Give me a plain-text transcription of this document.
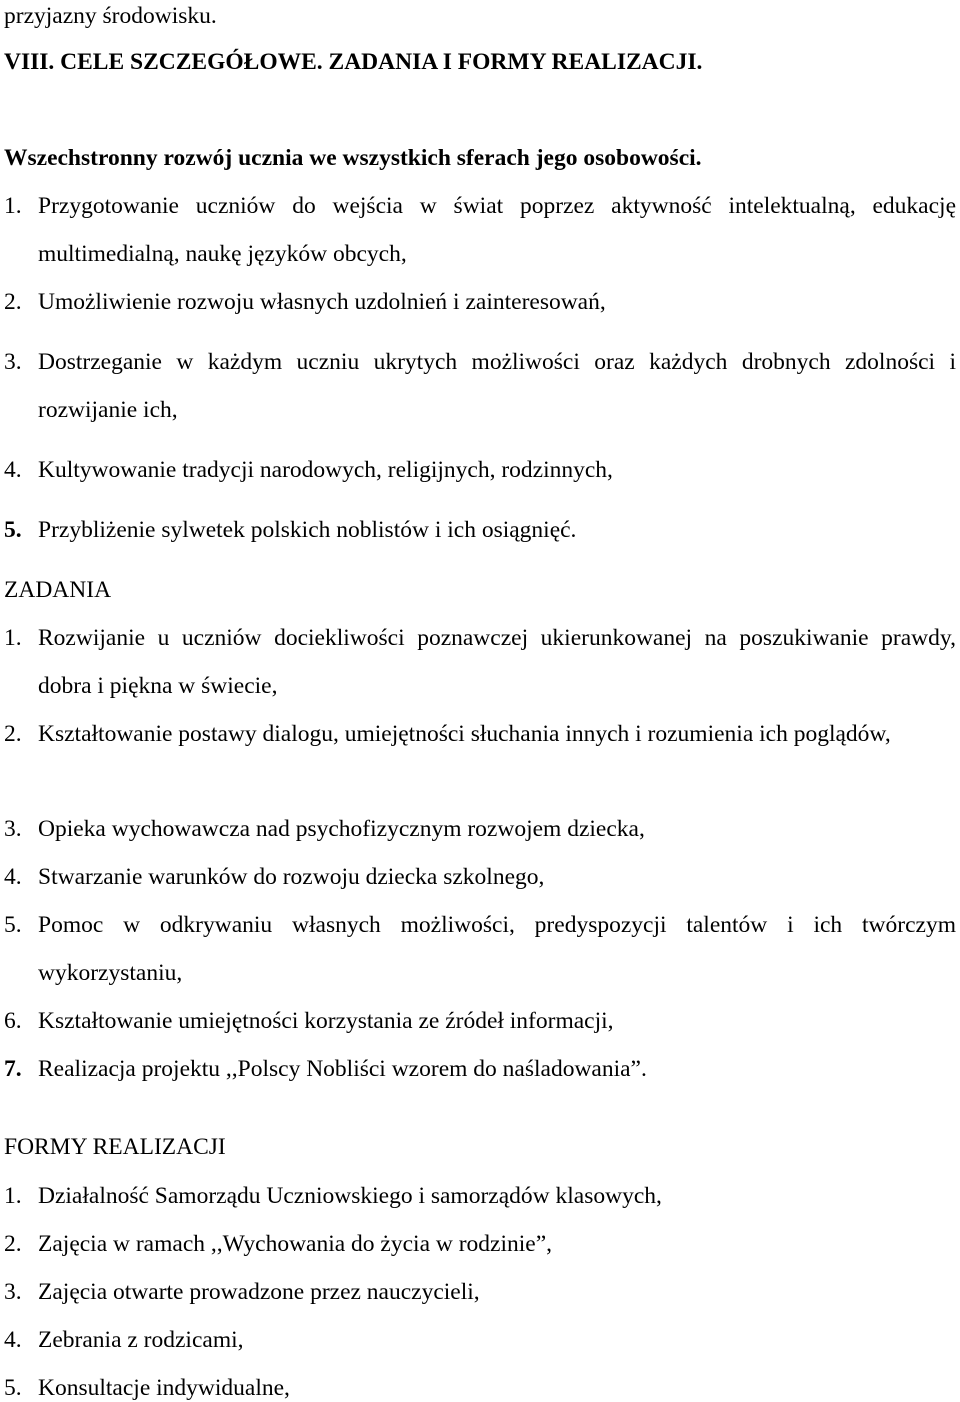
przyjazny środowisku.
VIII. CELE SZCZEGÓŁOWE. ZADANIA I FORMY REALIZACJI.
Wszechstronny rozwój ucznia we wszystkich sferach jego osobowości.
1. Przygotowanie uczniów do wejścia w świat poprzez aktywność intelektualną, edukację multimedialną, naukę języków obcych,
2. Umożliwienie rozwoju własnych uzdolnień i zainteresowań,
3. Dostrzeganie w każdym uczniu ukrytych możliwości oraz każdych drobnych zdolności i rozwijanie ich,
4. Kultywowanie tradycji narodowych, religijnych, rodzinnych,
5. Przybliżenie sylwetek polskich noblistów i ich osiągnięć.
ZADANIA
1. Rozwijanie u uczniów dociekliwości poznawczej ukierunkowanej na poszukiwanie prawdy, dobra i piękna w świecie,
2. Kształtowanie postawy dialogu, umiejętności słuchania innych i rozumienia ich poglądów,
3. Opieka wychowawcza nad psychofizycznym rozwojem dziecka,
4. Stwarzanie warunków do rozwoju dziecka szkolnego,
5. Pomoc w odkrywaniu własnych możliwości, predyspozycji talentów i ich twórczym wykorzystaniu,
6. Kształtowanie umiejętności korzystania ze źródeł informacji,
7. Realizacja projektu ,,Polscy Nobliści wzorem do naśladowania”.
FORMY REALIZACJI
1. Działalność Samorządu Uczniowskiego i samorządów klasowych,
2. Zajęcia w ramach ,,Wychowania do życia w rodzinie”,
3. Zajęcia otwarte prowadzone przez nauczycieli,
4. Zebrania z rodzicami,
5. Konsultacje indywidualne,
